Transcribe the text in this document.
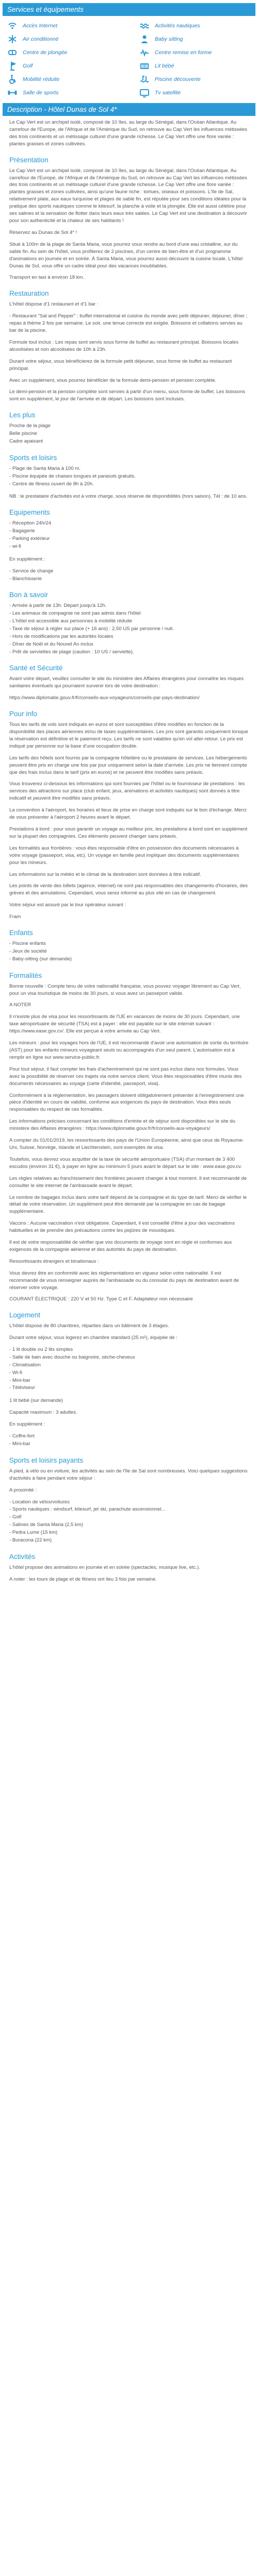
Services et équipements
Accès Internet	Activités nautiques
Air conditionné	Baby sitting
Centre de plongée	Centre remise en forme
Golf	Lit bébé
Mobilité réduite	Piscine découverte
Salle de sports	Tv satellite
Description - Hôtel Dunas de Sol 4*

Le Cap Vert est un archipel isolé, composé de 10 îles, au large du Sénégal, dans l'Océan Atlantique. Au carrefour de l'Europe, de l'Afrique et de l'Amérique du Sud, on retrouve au Cap Vert les influences métissées des trois continents et un métissage culturel d'une grande richesse. Le Cap Vert offre une flore variée : plantes grasses et zones cultivées.

Présentation

Le Cap Vert est un archipel isolé, composé de 10 îles, au large du Sénégal, dans l'Océan Atlantique. Au carrefour de l'Europe, de l'Afrique et de l'Amérique du Sud, on retrouve au Cap Vert les influences métissées des trois continents et un métissage culturel d'une grande richesse. Le Cap Vert offre une flore variée : plantes grasses et zones cultivées, ainsi qu'une faune riche : tortues, oiseaux et poissons. L'île de Sal, relativement plate, aux eaux turquoise et plages de sable fin, est réputée pour ses conditions idéales pour la pratique des sports nautiques comme le kitesurf, la planche à voile et la plongée. Elle est aussi célèbre pour ses salines et la sensation de flotter dans leurs eaux très salées. Le Cap Vert est une destination à découvrir pour son authenticité et la chaleur de ses habitants !

Réservez au Dunas de Sol 4* !

Situé à 100m de la plage de Santa Maria, vous pourrez vous rendre au bord d'une eau cristalline, sur du sable fin. Au sein de l'hôtel, vous profiterez de 2 piscines, d'un centre de bien-être et d'un programme d'animations en journée et en soirée. À Santa Maria, vous pourrez aussi découvrir la cuisine locale. L'hôtel Dunas de Sol, vous offre un cadre idéal pour des vacances inoubliables.

Transport en taxi à environ 18 km.

Restauration

L'hôtel dispose d'1 restaurant et d'1 bar :

- Restaurant "Sal and Pepper" : buffet international et cuisine du monde avec petit déjeuner, déjeuner, dîner ; repas à thème 2 fois par semaine. Le soir, une tenue correcte est exigée. Boissons et collations servies au bar de la piscine.

Formule tout inclus : Les repas sont servis sous forme de buffet au restaurant principal. Boissons locales alcoolisées et non alcoolisées de 10h à 23h.

Durant votre séjour, vous bénéficierez de la formule petit déjeuner, sous forme de buffet au restaurant principal.

Avec un supplément, vous pourrez bénéficier de la formule demi-pension et pension complète.

Le demi-pension et la pension complète sont servies à partir d'un menu, sous forme de buffet. Les boissons sont en supplément, le jour de l'arrivée et de départ. Les boissons sont incluses.

Les plus
Proche de la plage
Belle piscine
Cadre apaisant
Sports et loisirs
- Plage de Santa Maria à 100 m.
- Piscine équipée de chaises longues et parasols gratuits.
- Centre de fitness ouvert de 8h à 20h.

NB : le prestataire d'activités est à votre charge, sous réserve de disponibilités (hors saison). Tél : de 10 ans.

Equipements
- Réception 24h/24
- Bagagerie
- Parking extérieur
- wi-fi

En supplément :

- Service de change
- Blanchisserie
Bon à savoir
- Arrivée à partir de 13h. Départ jusqu'à 12h.
- Les animaux de compagnie ne sont pas admis dans l'hôtel
- L'hôtel est accessible aux personnes à mobilité réduite
- Taxe de séjour à régler sur place (+ 16 ans) : 2,50 US par personne / nuit.
- Hors de modifications par les autorités locales
- Dîner de Noël et du Nouvel An inclus
- Prêt de serviettes de plage (caution : 10 US / serviette).
Santé et Sécurité

Avant votre départ, veuillez consulter le site du ministère des Affaires étrangères pour connaître les risques sanitaires éventuels qui pourraient survenir lors de votre destination :

https://www.diplomatie.gouv.fr/fr/conseils-aux-voyageurs/conseils-par-pays-destination/

Pour info

Tous les tarifs de vols sont indiqués en euros et sont susceptibles d'être modifiés en fonction de la disponibilité des places aériennes et/ou de taxes supplémentaires. Les prix sont garantis uniquement lorsque la réservation est définitive et le paiement reçu. Les tarifs ne sont valables qu'en vol aller-retour. Le prix est indiqué par personne sur la base d'une occupation double.

Les tarifs des hôtels sont fournis par la compagnie hôtelière ou le prestataire de services. Les hébergements peuvent être pris en charge une fois par jour uniquement selon la date d'arrivée. Les prix ne tiennent compte que des frais inclus dans le tarif (prix en euros) et ne peuvent être modifiés sans préavis.

Vous trouverez ci-dessous les informations qui sont fournies par l'hôtel ou le fournisseur de prestations : les services des attractions sur place (club enfant, jeux, animations et activités nautiques) sont donnés à titre indicatif et peuvent être modifiés sans préavis.

La convention à l'aéroport, les horaires et lieux de prise en charge sont indiqués sur le bon d'échange. Merci de vous présenter à l'aéroport 2 heures avant le départ.

Prestations à bord : pour vous garantir un voyage au meilleur prix, les prestations à bord sont en supplément sur la plupart des compagnies. Ces éléments peuvent changer sans préavis.

Les formalités aux frontières : vous êtes responsable d'être en possession des documents nécessaires à votre voyage (passeport, visa, etc). Un voyage en famille peut impliquer des documents supplémentaires pour les mineurs.

Les informations sur la météo et le climat de la destination sont données à titre indicatif.

Les points de vente des billets (agence, internet) ne sont pas responsables des changements d'horaires, des grèves et des annulations. Cependant, vous serez informé au plus vite en cas de changement.

Votre séjour est assuré par le tour opérateur suivant :

Fram

Enfants
- Piscine enfants
- Jeux de société
- Baby-sitting (sur demande)
Formalités

Bonne nouvelle : Compte tenu de votre nationalité française, vous pouvez voyager librement au Cap Vert, pour un visa touristique de moins de 30 jours, si vous avez un passeport valide.

A NOTER

Il n'existe plus de visa pour les ressortissants de l'UE en vacances de moins de 30 jours. Cependant, une taxe aéroportuaire de sécurité (TSA) est à payer : elle est payable sur le site internet suivant : https://www.ease.gov.cv/. Elle est perçue à votre arrivée au Cap Vert.

Les mineurs : pour les voyages hors de l'UE, il est recommandé d'avoir une autorisation de sortie du territoire (AST) pour les enfants mineurs voyageant seuls ou accompagnés d'un seul parent. L'autorisation est à remplir en ligne sur www.service-public.fr.

Pour tout séjour, il faut compter les frais d'acheminement qui ne sont pas inclus dans nos formules. Vous avez la possibilité de réserver ces trajets via notre service client. Vous êtes responsables d'être munis des documents nécessaires au voyage (carte d'identité, passeport, visa).

Conformément à la réglementation, les passagers doivent obligatoirement présenter à l'enregistrement une pièce d'identité en cours de validité, conforme aux exigences du pays de destination. Vous êtes seuls responsables du respect de ces formalités.

Les informations précises concernant les conditions d'entrée et de séjour sont disponibles sur le site du ministère des Affaires étrangères : https://www.diplomatie.gouv.fr/fr/conseils-aux-voyageurs/

A compter du 01/01/2019, les ressortissants des pays de l'Union Européenne, ainsi que ceux de Royaume-Uni, Suisse, Norvège, Islande et Liechtenstein, sont exemptés de visa.

Toutefois, vous devrez vous acquitter de la taxe de sécurité aéroportuaire (TSA) d'un montant de 3 400 escudos (environ 31 €), à payer en ligne au minimum 5 jours avant le départ sur le site : www.ease.gov.cv.

Les règles relatives au franchissement des frontières peuvent changer à tout moment. Il est recommandé de consulter le site internet de l'ambassade avant le départ.

Le nombre de bagages inclus dans votre tarif dépend de la compagnie et du type de tarif. Merci de vérifier le détail de votre réservation. Un supplément peut être demandé par la compagnie en cas de bagage supplémentaire.

Vaccins : Aucune vaccination n'est obligatoire. Cependant, il est conseillé d'être à jour des vaccinations habituelles et de prendre des précautions contre les piqûres de moustiques.

Il est de votre responsabilité de vérifier que vos documents de voyage sont en règle et conformes aux exigences de la compagnie aérienne et des autorités du pays de destination.

Ressortissants étrangers et binationaux :

Vous devrez être en conformité avec les réglementations en vigueur selon votre nationalité. Il est recommandé de vous renseigner auprès de l'ambassade ou du consulat du pays de destination avant de réserver votre voyage.

COURANT ÉLECTRIQUE : 220 V et 50 Hz. Type C et F. Adaptateur non nécessaire

Logement

L'hôtel dispose de 80 chambres, réparties dans un bâtiment de 3 étages.

Durant votre séjour, vous logerez en chambre standard (25 m²), équipée de :

- 1 lit double ou 2 lits simples
- Salle de bain avec douche ou baignoire, sèche-cheveux
- Climatisation
- Wi-fi
- Mini-bar
- Téléviseur

1 lit bébé (sur demande)

Capacité maximum : 3 adultes.

En supplément :

- Coffre-fort
- Mini-bar
Sports et loisirs payants

A pied, à vélo ou en voiture, les activités au sein de l'île de Sal sont nombreuses. Voici quelques suggestions d'activités à faire pendant votre séjour :

A proximité :

- Location de vélos/voitures
- Sports nautiques : windsurf, kitesurf, jet ski, parachute ascensionnel...
- Golf
- Salines de Santa Maria (2,5 km)
- Pedra Lume (15 km)
- Buracona (22 km)
Activités

L'hôtel propose des animations en journée et en soirée (spectacles, musique live, etc.).

A noter : les tours de plage et de fitness ont lieu 3 fois par semaine.
